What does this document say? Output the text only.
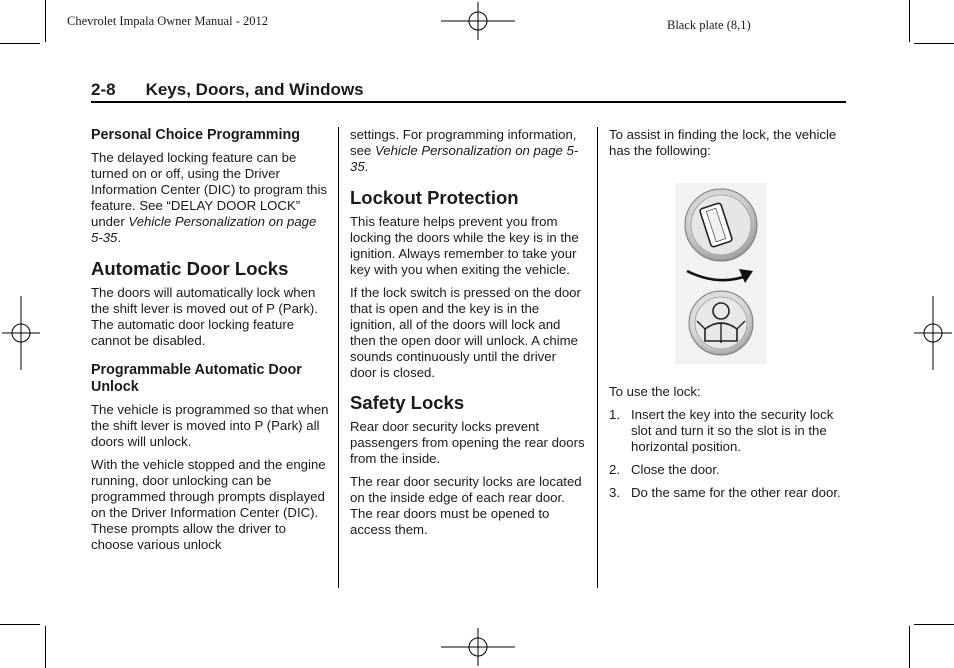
Chevrolet Impala Owner Manual - 2012	Black plate (8,1)
2-8 Keys, Doors, and Windows
Personal Choice Programming

The delayed locking feature can be turned on or off, using the Driver Information Center (DIC) to program this feature. See “DELAY DOOR LOCK” under Vehicle Personalization on page 5-35.

Automatic Door Locks

The doors will automatically lock when the shift lever is moved out of P (Park). The automatic door locking feature cannot be disabled.

Programmable Automatic Door Unlock

The vehicle is programmed so that when the shift lever is moved into P (Park) all doors will unlock.

With the vehicle stopped and the engine running, door unlocking can be programmed through prompts displayed on the Driver Information Center (DIC). These prompts allow the driver to choose various unlock

settings. For programming information, see Vehicle Personalization on page 5-35.

Lockout Protection

This feature helps prevent you from locking the doors while the key is in the ignition. Always remember to take your key with you when exiting the vehicle.

If the lock switch is pressed on the door that is open and the key is in the ignition, all of the doors will lock and then the open door will unlock. A chime sounds continuously until the driver door is closed.

Safety Locks

Rear door security locks prevent passengers from opening the rear doors from the inside.

The rear door security locks are located on the inside edge of each rear door. The rear doors must be opened to access them.

To assist in finding the lock, the vehicle has the following:

To use the lock:

1. Insert the key into the security lock slot and turn it so the slot is in the horizontal position.
2. Close the door.
3. Do the same for the other rear door.
